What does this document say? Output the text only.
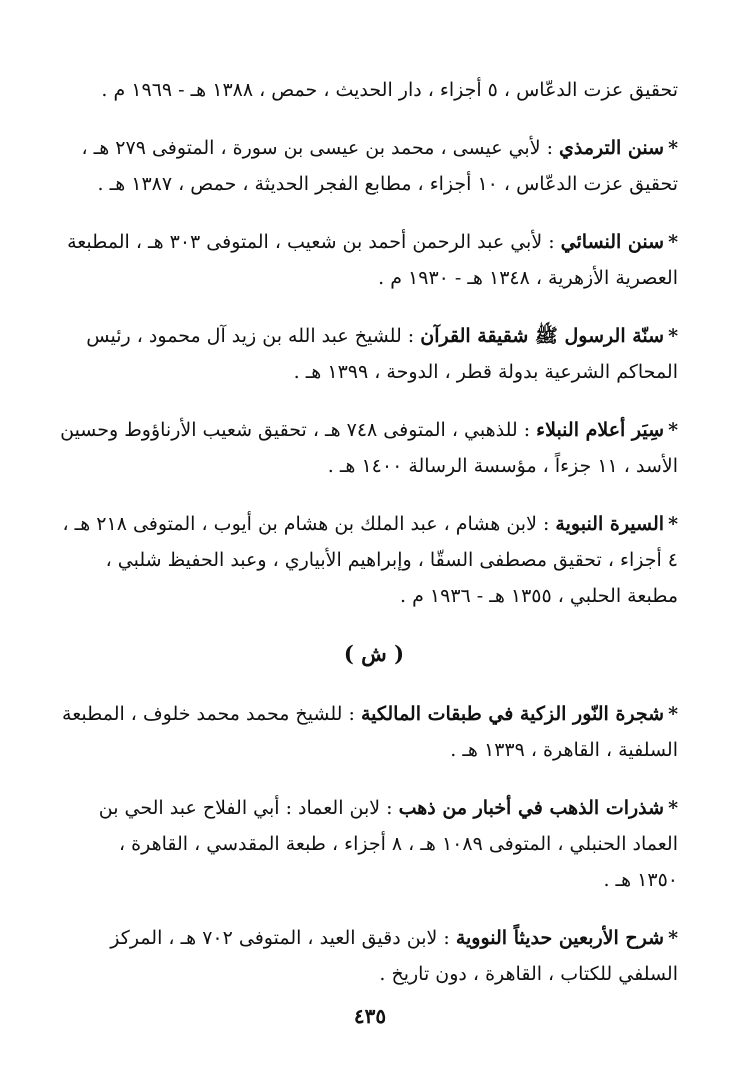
تحقيق عزت الدعّاس ، ٥ أجزاء ، دار الحديث ، حمص ، ١٣٨٨ هـ - ١٩٦٩ م .
*سنن الترمذي : لأبي عيسى ، محمد بن عيسى بن سورة ، المتوفى ٢٧٩ هـ ،
تحقيق عزت الدعّاس ، ١٠ أجزاء ، مطابع الفجر الحديثة ، حمص ، ١٣٨٧ هـ .
*سنن النسائي : لأبي عبد الرحمن أحمد بن شعيب ، المتوفى ٣٠٣ هـ ، المطبعة
العصرية الأزهرية ، ١٣٤٨ هـ - ١٩٣٠ م .
*سنّة الرسول ﷺ شقيقة القرآن : للشيخ عبد الله بن زيد آل محمود ، رئيس
المحاكم الشرعية بدولة قطر ، الدوحة ، ١٣٩٩ هـ .
*سِيَر أعلام النبلاء : للذهبي ، المتوفى ٧٤٨ هـ ، تحقيق شعيب الأرناؤوط وحسين
الأسد ، ١١ جزءاً ، مؤسسة الرسالة ١٤٠٠ هـ .
*السيرة النبوية : لابن هشام ، عبد الملك بن هشام بن أيوب ، المتوفى ٢١٨ هـ ،
٤ أجزاء ، تحقيق مصطفى السقّا ، وإبراهيم الأبياري ، وعبد الحفيظ شلبي ،
مطبعة الحلبي ، ١٣٥٥ هـ - ١٩٣٦ م .
( ش )
*شجرة النّور الزكية في طبقات المالكية : للشيخ محمد محمد خلوف ، المطبعة
السلفية ، القاهرة ، ١٣٣٩ هـ .
*شذرات الذهب في أخبار من ذهب : لابن العماد : أبي الفلاح عبد الحي بن
العماد الحنبلي ، المتوفى ١٠٨٩ هـ ، ٨ أجزاء ، طبعة المقدسي ، القاهرة ،
١٣٥٠ هـ .
*شرح الأربعين حديثاً النووية : لابن دقيق العيد ، المتوفى ٧٠٢ هـ ، المركز
السلفي للكتاب ، القاهرة ، دون تاريخ .
٤٣٥
